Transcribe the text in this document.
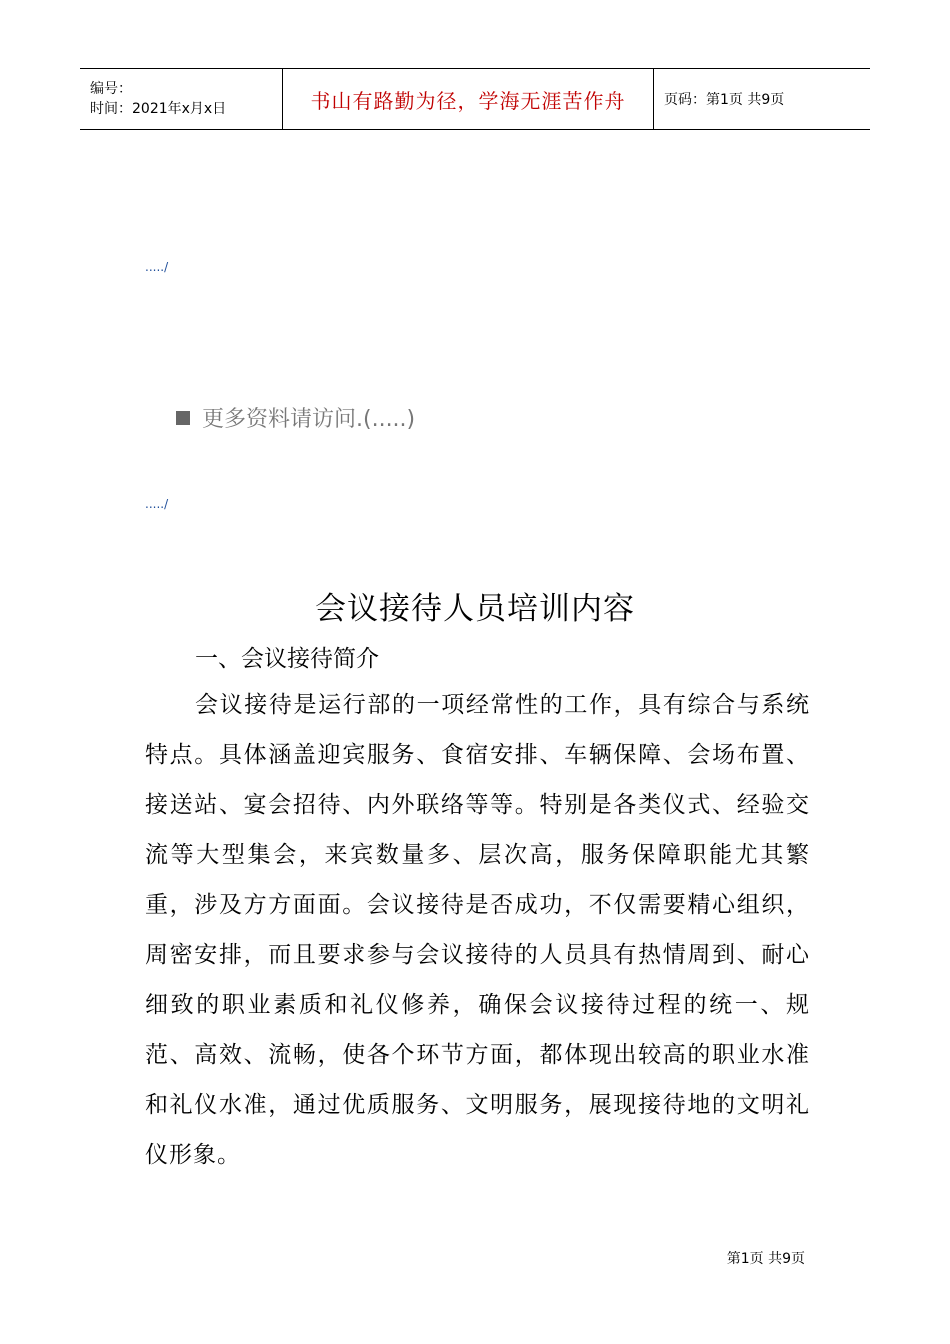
编号：
时间：2021年x月x日	书山有路勤为径，学海无涯苦作舟	页码：第1页 共9页
...../
更多资料请访问.(.....)
...../
会议接待人员培训内容
一、会议接待简介

会议接待是运行部的一项经常性的工作，具有综合与系统特点。具体涵盖迎宾服务、食宿安排、车辆保障、会场布置、接送站、宴会招待、内外联络等等。特别是各类仪式、经验交流等大型集会，来宾数量多、层次高，服务保障职能尤其繁重，涉及方方面面。会议接待是否成功，不仅需要精心组织，周密安排，而且要求参与会议接待的人员具有热情周到、耐心细致的职业素质和礼仪修养，确保会议接待过程的统一、规范、高效、流畅，使各个环节方面，都体现出较高的职业水准和礼仪水准，通过优质服务、文明服务，展现接待地的文明礼仪形象。

第1页 共9页
